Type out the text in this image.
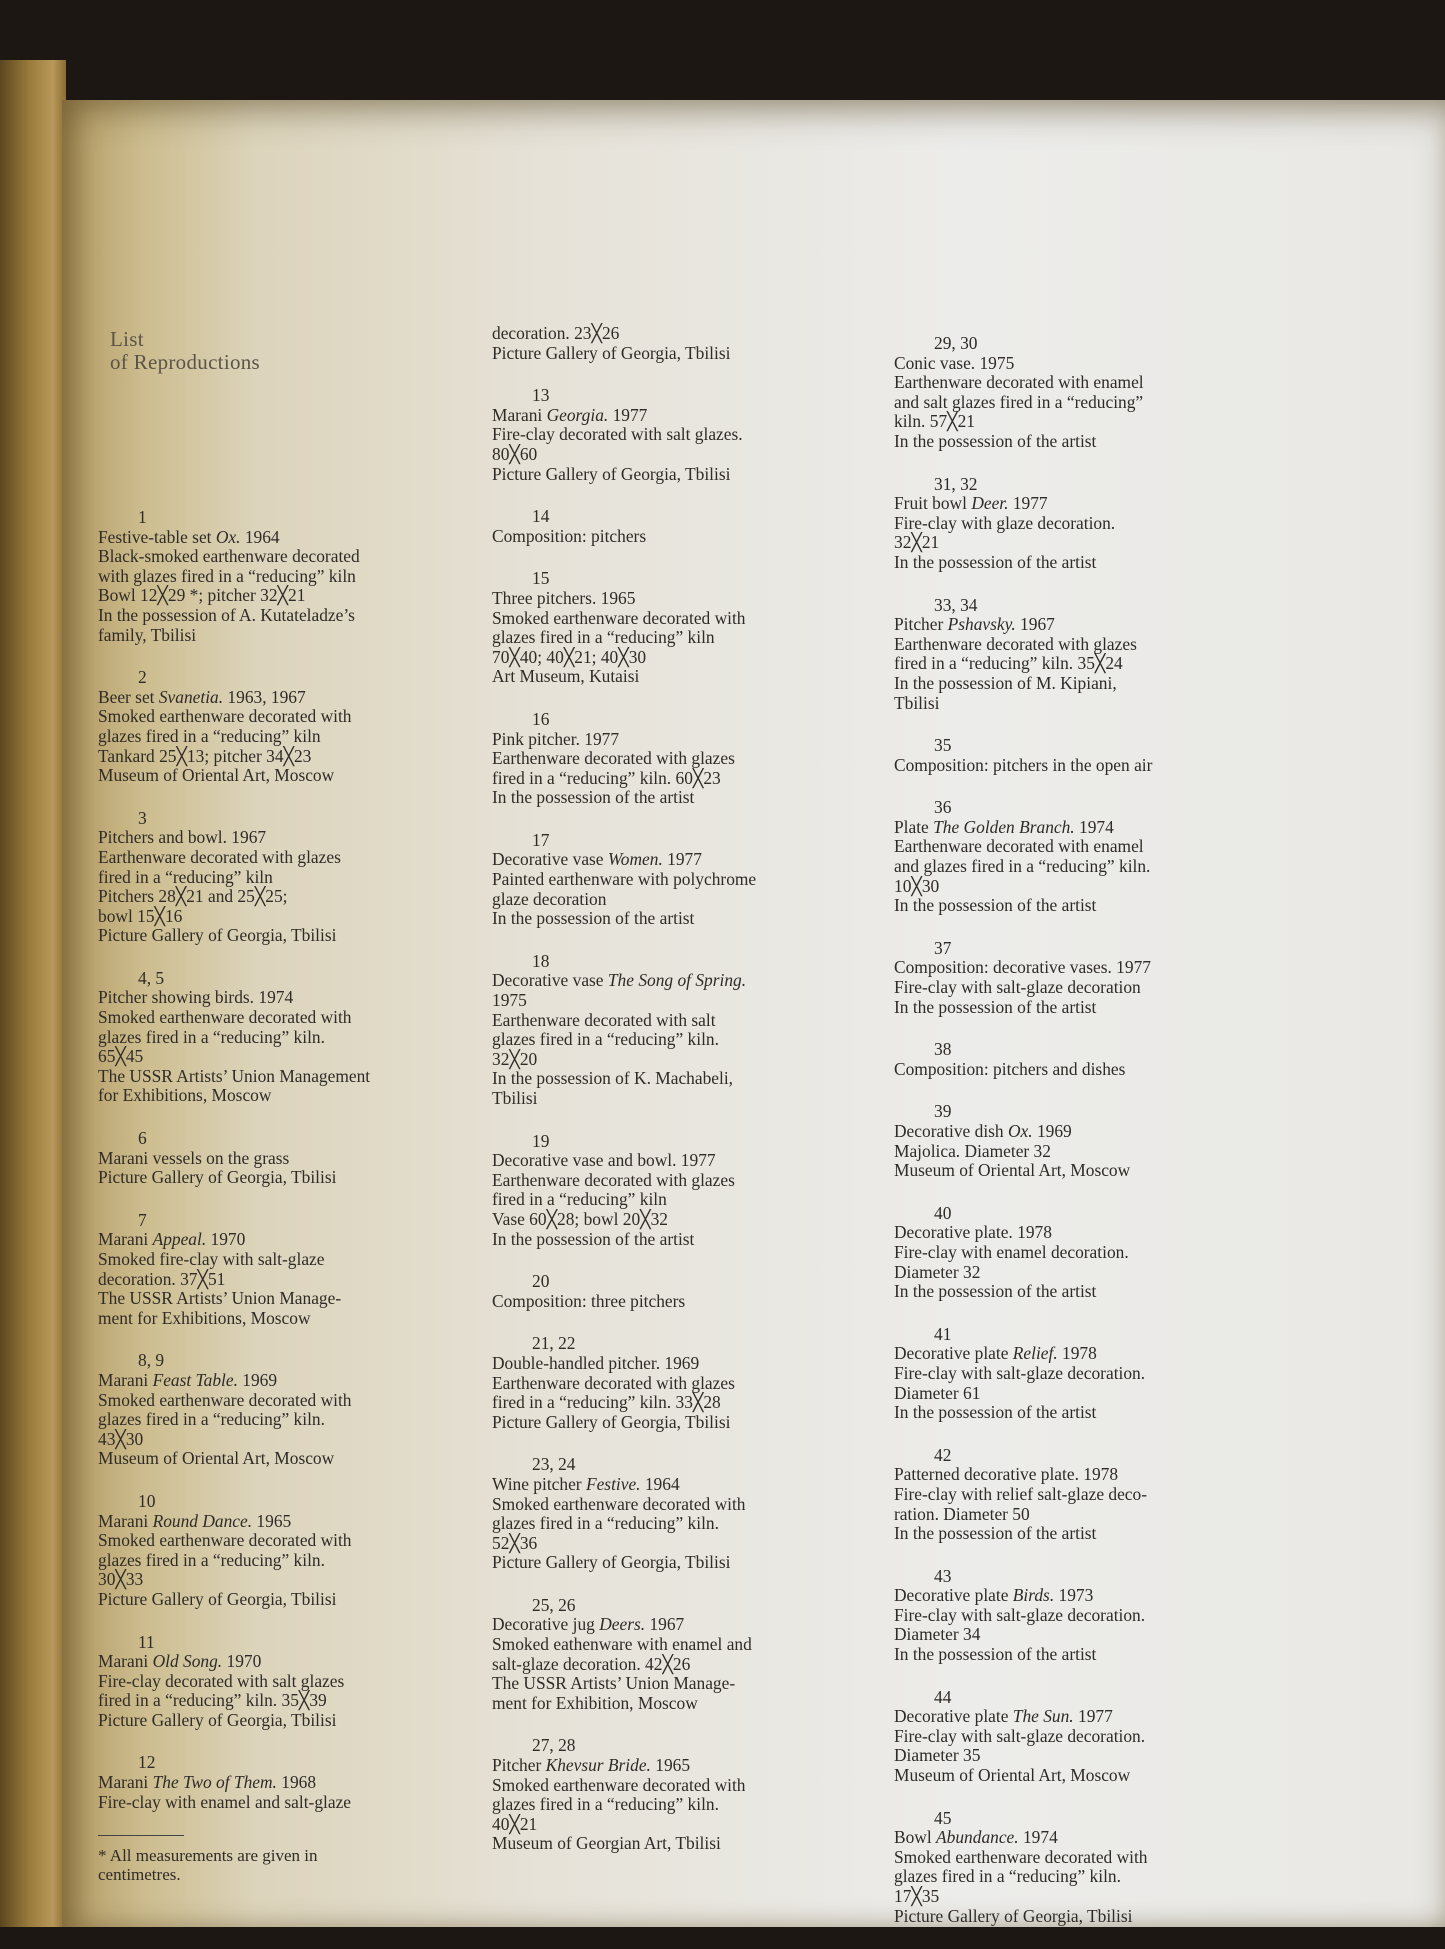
List
of Reproductions
1
Festive-table set Ox. 1964
Black-smoked earthenware decorated
with glazes fired in a “reducing” kiln
Bowl 12╳29 *; pitcher 32╳21
In the possession of A. Kutateladze’s
family, Tbilisi
2
Beer set Svanetia. 1963, 1967
Smoked earthenware decorated with
glazes fired in a “reducing” kiln
Tankard 25╳13; pitcher 34╳23
Museum of Oriental Art, Moscow
3
Pitchers and bowl. 1967
Earthenware decorated with glazes
fired in a “reducing” kiln
Pitchers 28╳21 and 25╳25;
bowl 15╳16
Picture Gallery of Georgia, Tbilisi
4, 5
Pitcher showing birds. 1974
Smoked earthenware decorated with
glazes fired in a “reducing” kiln.
65╳45
The USSR Artists’ Union Management
for Exhibitions, Moscow
6
Marani vessels on the grass
Picture Gallery of Georgia, Tbilisi
7
Marani Appeal. 1970
Smoked fire-clay with salt-glaze
decoration. 37╳51
The USSR Artists’ Union Manage-
ment for Exhibitions, Moscow
8, 9
Marani Feast Table. 1969
Smoked earthenware decorated with
glazes fired in a “reducing” kiln.
43╳30
Museum of Oriental Art, Moscow
10
Marani Round Dance. 1965
Smoked earthenware decorated with
glazes fired in a “reducing” kiln.
30╳33
Picture Gallery of Georgia, Tbilisi
11
Marani Old Song. 1970
Fire-clay decorated with salt glazes
fired in a “reducing” kiln. 35╳39
Picture Gallery of Georgia, Tbilisi
12
Marani The Two of Them. 1968
Fire-clay with enamel and salt-glaze
* All measurements are given in
centimetres.
decoration. 23╳26
Picture Gallery of Georgia, Tbilisi
13
Marani Georgia. 1977
Fire-clay decorated with salt glazes.
80╳60
Picture Gallery of Georgia, Tbilisi
14
Composition: pitchers
15
Three pitchers. 1965
Smoked earthenware decorated with
glazes fired in a “reducing” kiln
70╳40; 40╳21; 40╳30
Art Museum, Kutaisi
16
Pink pitcher. 1977
Earthenware decorated with glazes
fired in a “reducing” kiln. 60╳23
In the possession of the artist
17
Decorative vase Women. 1977
Painted earthenware with polychrome
glaze decoration
In the possession of the artist
18
Decorative vase The Song of Spring.
1975
Earthenware decorated with salt
glazes fired in a “reducing” kiln.
32╳20
In the possession of K. Machabeli,
Tbilisi
19
Decorative vase and bowl. 1977
Earthenware decorated with glazes
fired in a “reducing” kiln
Vase 60╳28; bowl 20╳32
In the possession of the artist
20
Composition: three pitchers
21, 22
Double-handled pitcher. 1969
Earthenware decorated with glazes
fired in a “reducing” kiln. 33╳28
Picture Gallery of Georgia, Tbilisi
23, 24
Wine pitcher Festive. 1964
Smoked earthenware decorated with
glazes fired in a “reducing” kiln.
52╳36
Picture Gallery of Georgia, Tbilisi
25, 26
Decorative jug Deers. 1967
Smoked eathenware with enamel and
salt-glaze decoration. 42╳26
The USSR Artists’ Union Manage-
ment for Exhibition, Moscow
27, 28
Pitcher Khevsur Bride. 1965
Smoked earthenware decorated with
glazes fired in a “reducing” kiln.
40╳21
Museum of Georgian Art, Tbilisi
29, 30
Conic vase. 1975
Earthenware decorated with enamel
and salt glazes fired in a “reducing”
kiln. 57╳21
In the possession of the artist
31, 32
Fruit bowl Deer. 1977
Fire-clay with glaze decoration.
32╳21
In the possession of the artist
33, 34
Pitcher Pshavsky. 1967
Earthenware decorated with glazes
fired in a “reducing” kiln. 35╳24
In the possession of M. Kipiani,
Tbilisi
35
Composition: pitchers in the open air
36
Plate The Golden Branch. 1974
Earthenware decorated with enamel
and glazes fired in a “reducing” kiln.
10╳30
In the possession of the artist
37
Composition: decorative vases. 1977
Fire-clay with salt-glaze decoration
In the possession of the artist
38
Composition: pitchers and dishes
39
Decorative dish Ox. 1969
Majolica. Diameter 32
Museum of Oriental Art, Moscow
40
Decorative plate. 1978
Fire-clay with enamel decoration.
Diameter 32
In the possession of the artist
41
Decorative plate Relief. 1978
Fire-clay with salt-glaze decoration.
Diameter 61
In the possession of the artist
42
Patterned decorative plate. 1978
Fire-clay with relief salt-glaze deco-
ration. Diameter 50
In the possession of the artist
43
Decorative plate Birds. 1973
Fire-clay with salt-glaze decoration.
Diameter 34
In the possession of the artist
44
Decorative plate The Sun. 1977
Fire-clay with salt-glaze decoration.
Diameter 35
Museum of Oriental Art, Moscow
45
Bowl Abundance. 1974
Smoked earthenware decorated with
glazes fired in a “reducing” kiln.
17╳35
Picture Gallery of Georgia, Tbilisi
